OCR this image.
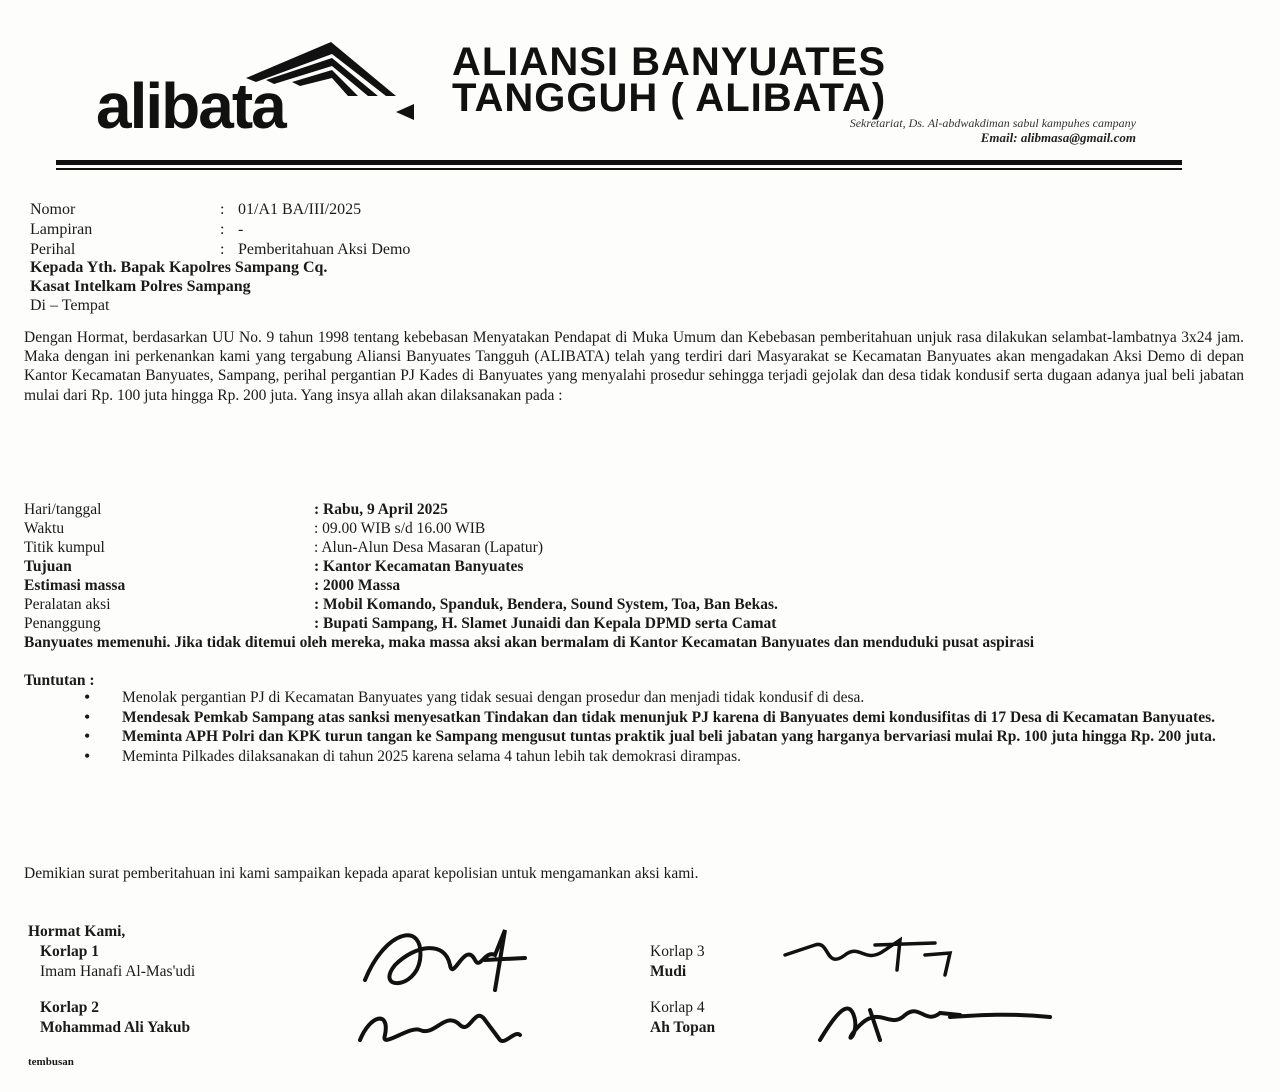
alibata
ALIANSI BANYUATES
TANGGUH ( ALIBATA)
Sekretariat, Ds. Al-abdwakdiman sabul kampuhes campany
Email: alibmasa@gmail.com
Nomor	: 01/A1 BA/III/2025
Lampiran	: -
Perihal	: Pemberitahuan Aksi Demo
Kepada Yth. Bapak Kapolres Sampang Cq.
Kasat Intelkam Polres Sampang
Di – Tempat
Dengan Hormat, berdasarkan UU No. 9 tahun 1998 tentang kebebasan Menyatakan Pendapat di Muka Umum dan Kebebasan pemberitahuan unjuk rasa dilakukan selambat-lambatnya 3x24 jam. Maka dengan ini perkenankan kami yang tergabung Aliansi Banyuates Tangguh (ALIBATA) telah yang terdiri dari Masyarakat se Kecamatan Banyuates akan mengadakan Aksi Demo di depan Kantor Kecamatan Banyuates, Sampang, perihal pergantian PJ Kades di Banyuates yang menyalahi prosedur sehingga terjadi gejolak dan desa tidak kondusif serta dugaan adanya jual beli jabatan mulai dari Rp. 100 juta hingga Rp. 200 juta. Yang insya allah akan dilaksanakan pada :
Hari/tanggal	: Rabu, 9 April 2025
Waktu	: 09.00 WIB s/d 16.00 WIB
Titik kumpul	: Alun-Alun Desa Masaran (Lapatur)
Tujuan	: Kantor Kecamatan Banyuates
Estimasi massa	: 2000 Massa
Peralatan aksi	: Mobil Komando, Spanduk, Bendera, Sound System, Toa, Ban Bekas.
Penanggung	: Bupati Sampang, H. Slamet Junaidi dan Kepala DPMD serta Camat
Banyuates memenuhi. Jika tidak ditemui oleh mereka, maka massa aksi akan bermalam di Kantor Kecamatan Banyuates dan menduduki pusat aspirasi
Tuntutan :
•	Menolak pergantian PJ di Kecamatan Banyuates yang tidak sesuai dengan prosedur dan menjadi tidak kondusif di desa.
•	Mendesak Pemkab Sampang atas sanksi menyesatkan Tindakan dan tidak menunjuk PJ karena di Banyuates demi kondusifitas di 17 Desa di Kecamatan Banyuates.
•	Meminta APH Polri dan KPK turun tangan ke Sampang mengusut tuntas praktik jual beli jabatan yang harganya bervariasi mulai Rp. 100 juta hingga Rp. 200 juta.
•	Meminta Pilkades dilaksanakan di tahun 2025 karena selama 4 tahun lebih tak demokrasi dirampas.
Demikian surat pemberitahuan ini kami sampaikan kepada aparat kepolisian untuk mengamankan aksi kami.
Hormat Kami,
Korlap 1
Imam Hanafi Al-Mas'udi
Korlap 2
Mohammad Ali Yakub
Korlap 3
Mudi
Korlap 4
Ah Topan
tembusan
